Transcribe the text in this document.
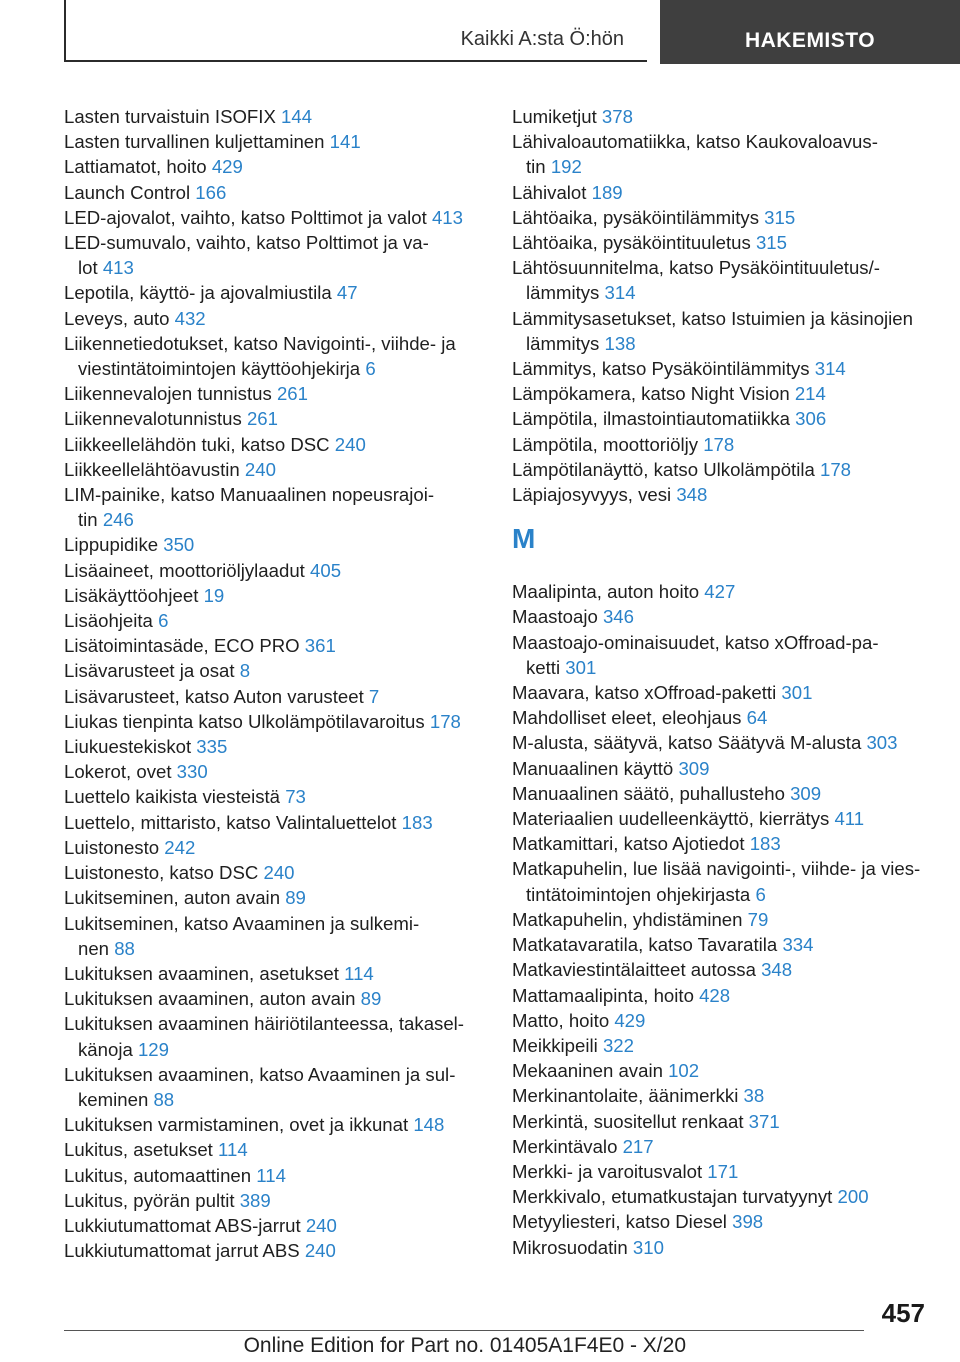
Kaikki A:sta Ö:hön	HAKEMISTO
Lasten turvaistuin ISOFIX 144
Lasten turvallinen kuljettaminen 141
Lattiamatot, hoito 429
Launch Control 166
LED-ajovalot, vaihto, katso Polttimot ja valot 413
LED-sumuvalo, vaihto, katso Polttimot ja va-
lot 413
Lepotila, käyttö- ja ajovalmiustila 47
Leveys, auto 432
Liikennetiedotukset, katso Navigointi-, viihde- ja
viestintätoimintojen käyttöohjekirja 6
Liikennevalojen tunnistus 261
Liikennevalotunnistus 261
Liikkeellelähdön tuki, katso DSC 240
Liikkeellelähtöavustin 240
LIM-painike, katso Manuaalinen nopeusrajoi-
tin 246
Lippupidike 350
Lisäaineet, moottoriöljylaadut 405
Lisäkäyttöohjeet 19
Lisäohjeita 6
Lisätoimintasäde, ECO PRO 361
Lisävarusteet ja osat 8
Lisävarusteet, katso Auton varusteet 7
Liukas tienpinta katso Ulkolämpötilavaroitus 178
Liukuestekiskot 335
Lokerot, ovet 330
Luettelo kaikista viesteistä 73
Luettelo, mittaristo, katso Valintaluettelot 183
Luistonesto 242
Luistonesto, katso DSC 240
Lukitseminen, auton avain 89
Lukitseminen, katso Avaaminen ja sulkemi-
nen 88
Lukituksen avaaminen, asetukset 114
Lukituksen avaaminen, auton avain 89
Lukituksen avaaminen häiriötilanteessa, takasel-
känoja 129
Lukituksen avaaminen, katso Avaaminen ja sul-
keminen 88
Lukituksen varmistaminen, ovet ja ikkunat 148
Lukitus, asetukset 114
Lukitus, automaattinen 114
Lukitus, pyörän pultit 389
Lukkiutumattomat ABS-jarrut 240
Lukkiutumattomat jarrut ABS 240
Lumiketjut 378
Lähivaloautomatiikka, katso Kaukovaloavus-
tin 192
Lähivalot 189
Lähtöaika, pysäköintilämmitys 315
Lähtöaika, pysäköintituuletus 315
Lähtösuunnitelma, katso Pysäköintituuletus/-
lämmitys 314
Lämmitysasetukset, katso Istuimien ja käsinojien
lämmitys 138
Lämmitys, katso Pysäköintilämmitys 314
Lämpökamera, katso Night Vision 214
Lämpötila, ilmastointiautomatiikka 306
Lämpötila, moottoriöljy 178
Lämpötilanäyttö, katso Ulkolämpötila 178
Läpiajosyvyys, vesi 348
M
Maalipinta, auton hoito 427
Maastoajo 346
Maastoajo-ominaisuudet, katso xOffroad-pa-
ketti 301
Maavara, katso xOffroad-paketti 301
Mahdolliset eleet, eleohjaus 64
M-alusta, säätyvä, katso Säätyvä M-alusta 303
Manuaalinen käyttö 309
Manuaalinen säätö, puhallusteho 309
Materiaalien uudelleenkäyttö, kierrätys 411
Matkamittari, katso Ajotiedot 183
Matkapuhelin, lue lisää navigointi-, viihde- ja vies-
tintätoimintojen ohjekirjasta 6
Matkapuhelin, yhdistäminen 79
Matkatavaratila, katso Tavaratila 334
Matkaviestintälaitteet autossa 348
Mattamaalipinta, hoito 428
Matto, hoito 429
Meikkipeili 322
Mekaaninen avain 102
Merkinantolaite, äänimerkki 38
Merkintä, suositellut renkaat 371
Merkintävalo 217
Merkki- ja varoitusvalot 171
Merkkivalo, etumatkustajan turvatyynyt 200
Metyyliesteri, katso Diesel 398
Mikrosuodatin 310
457
Online Edition for Part no. 01405A1F4E0 - X/20
